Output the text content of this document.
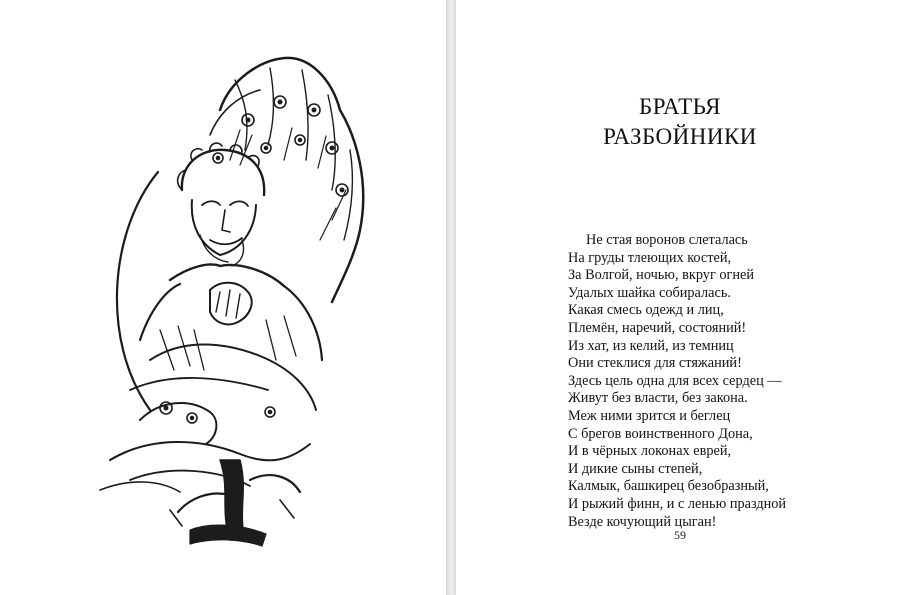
БРАТЬЯ
РАЗБОЙНИКИ
Не стая воронов слеталась
На груды тлеющих костей,
За Волгой, ночью, вкруг огней
Удалых шайка собиралась.
Какая смесь одежд и лиц,
Племён, наречий, состояний!
Из хат, из келий, из темниц
Они стеклися для стяжаний!
Здесь цель одна для всех сердец —
Живут без власти, без закона.
Меж ними зрится и беглец
С брегов воинственного Дона,
И в чёрных локонах еврей,
И дикие сыны степей,
Калмык, башкирец безобразный,
И рыжий финн, и с ленью праздной
Везде кочующий цыган!
59
